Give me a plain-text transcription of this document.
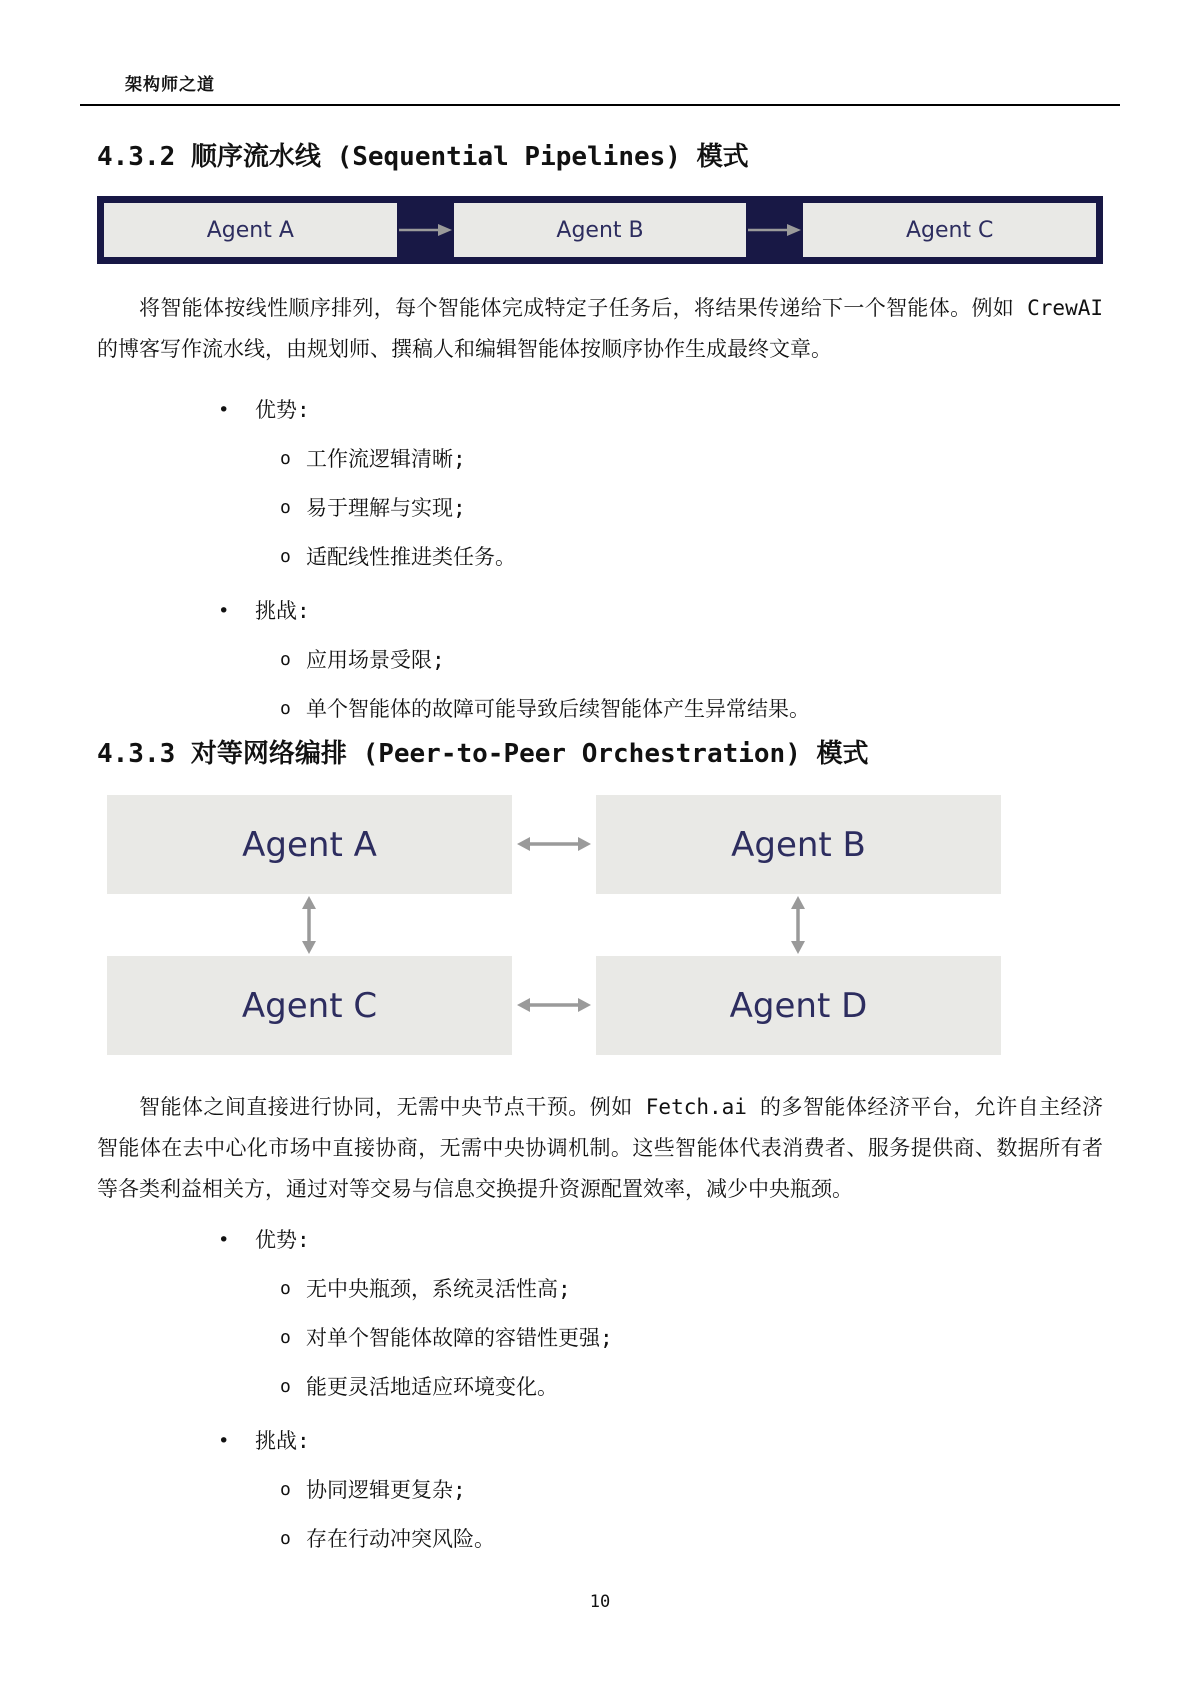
架构师之道
4.3.2 顺序流水线 (Sequential Pipelines) 模式
Agent A	Agent B	Agent C

将智能体按线性顺序排列，每个智能体完成特定子任务后，将结果传递给下一个智能体。例如 CrewAI 的博客写作流水线，由规划师、撰稿人和编辑智能体按顺序协作生成最终文章。

•	优势:
o 工作流逻辑清晰;
o 易于理解与实现;
o 适配线性推进类任务。
•	挑战:
o 应用场景受限;
o 单个智能体的故障可能导致后续智能体产生异常结果。
4.3.3 对等网络编排 (Peer-to-Peer Orchestration) 模式
Agent A	Agent B
Agent C	Agent D

智能体之间直接进行协同，无需中央节点干预。例如 Fetch.ai 的多智能体经济平台，允许自主经济智能体在去中心化市场中直接协商，无需中央协调机制。这些智能体代表消费者、服务提供商、数据所有者等各类利益相关方，通过对等交易与信息交换提升资源配置效率，减少中央瓶颈。

•	优势:
o 无中央瓶颈，系统灵活性高;
o 对单个智能体故障的容错性更强;
o 能更灵活地适应环境变化。
•	挑战:
o 协同逻辑更复杂;
o 存在行动冲突风险。
10
